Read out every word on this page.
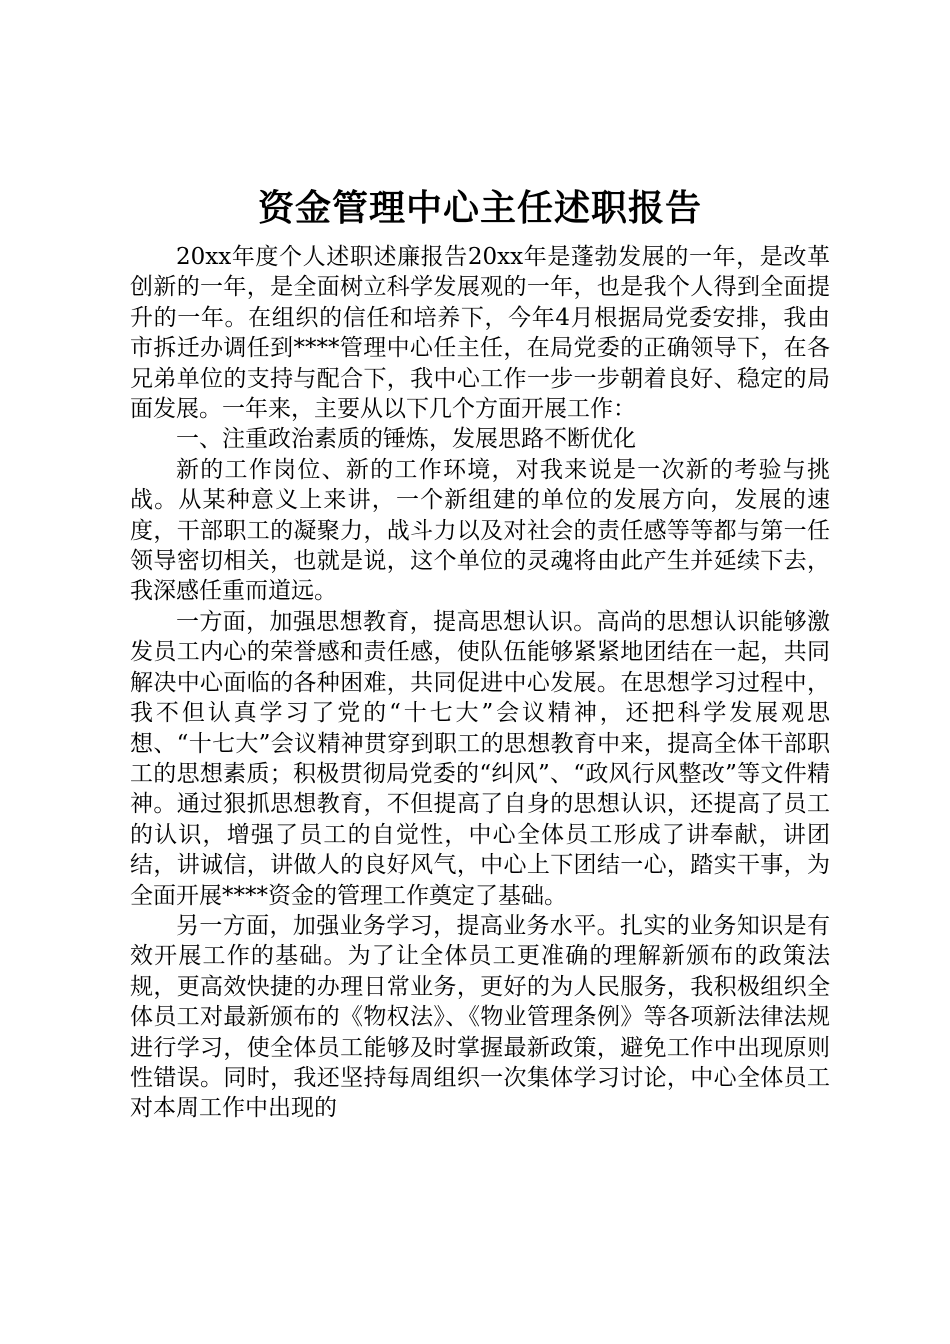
资金管理中心主任述职报告

20xx年度个人述职述廉报告20xx年是蓬勃发展的一年，是改革创新的一年，是全面树立科学发展观的一年，也是我个人得到全面提升的一年。在组织的信任和培养下，今年4月根据局党委安排，我由市拆迁办调任到****管理中心任主任，在局党委的正确领导下，在各兄弟单位的支持与配合下，我中心工作一步一步朝着良好、稳定的局面发展。一年来，主要从以下几个方面开展工作：

一、注重政治素质的锤炼，发展思路不断优化

新的工作岗位、新的工作环境，对我来说是一次新的考验与挑战。从某种意义上来讲，一个新组建的单位的发展方向，发展的速度，干部职工的凝聚力，战斗力以及对社会的责任感等等都与第一任领导密切相关，也就是说，这个单位的灵魂将由此产生并延续下去，我深感任重而道远。

一方面，加强思想教育，提高思想认识。高尚的思想认识能够激发员工内心的荣誉感和责任感，使队伍能够紧紧地团结在一起，共同解决中心面临的各种困难，共同促进中心发展。在思想学习过程中，我不但认真学习了党的“十七大”会议精神，还把科学发展观思想、“十七大”会议精神贯穿到职工的思想教育中来，提高全体干部职工的思想素质；积极贯彻局党委的“纠风”、“政风行风整改”等文件精神。通过狠抓思想教育，不但提高了自身的思想认识，还提高了员工的认识，增强了员工的自觉性，中心全体员工形成了讲奉献，讲团结，讲诚信，讲做人的良好风气，中心上下团结一心，踏实干事，为全面开展****资金的管理工作奠定了基础。

另一方面，加强业务学习，提高业务水平。扎实的业务知识是有效开展工作的基础。为了让全体员工更准确的理解新颁布的政策法规，更高效快捷的办理日常业务，更好的为人民服务，我积极组织全体员工对最新颁布的《物权法》、《物业管理条例》等各项新法律法规进行学习，使全体员工能够及时掌握最新政策，避免工作中出现原则性错误。同时，我还坚持每周组织一次集体学习讨论，中心全体员工对本周工作中出现的
